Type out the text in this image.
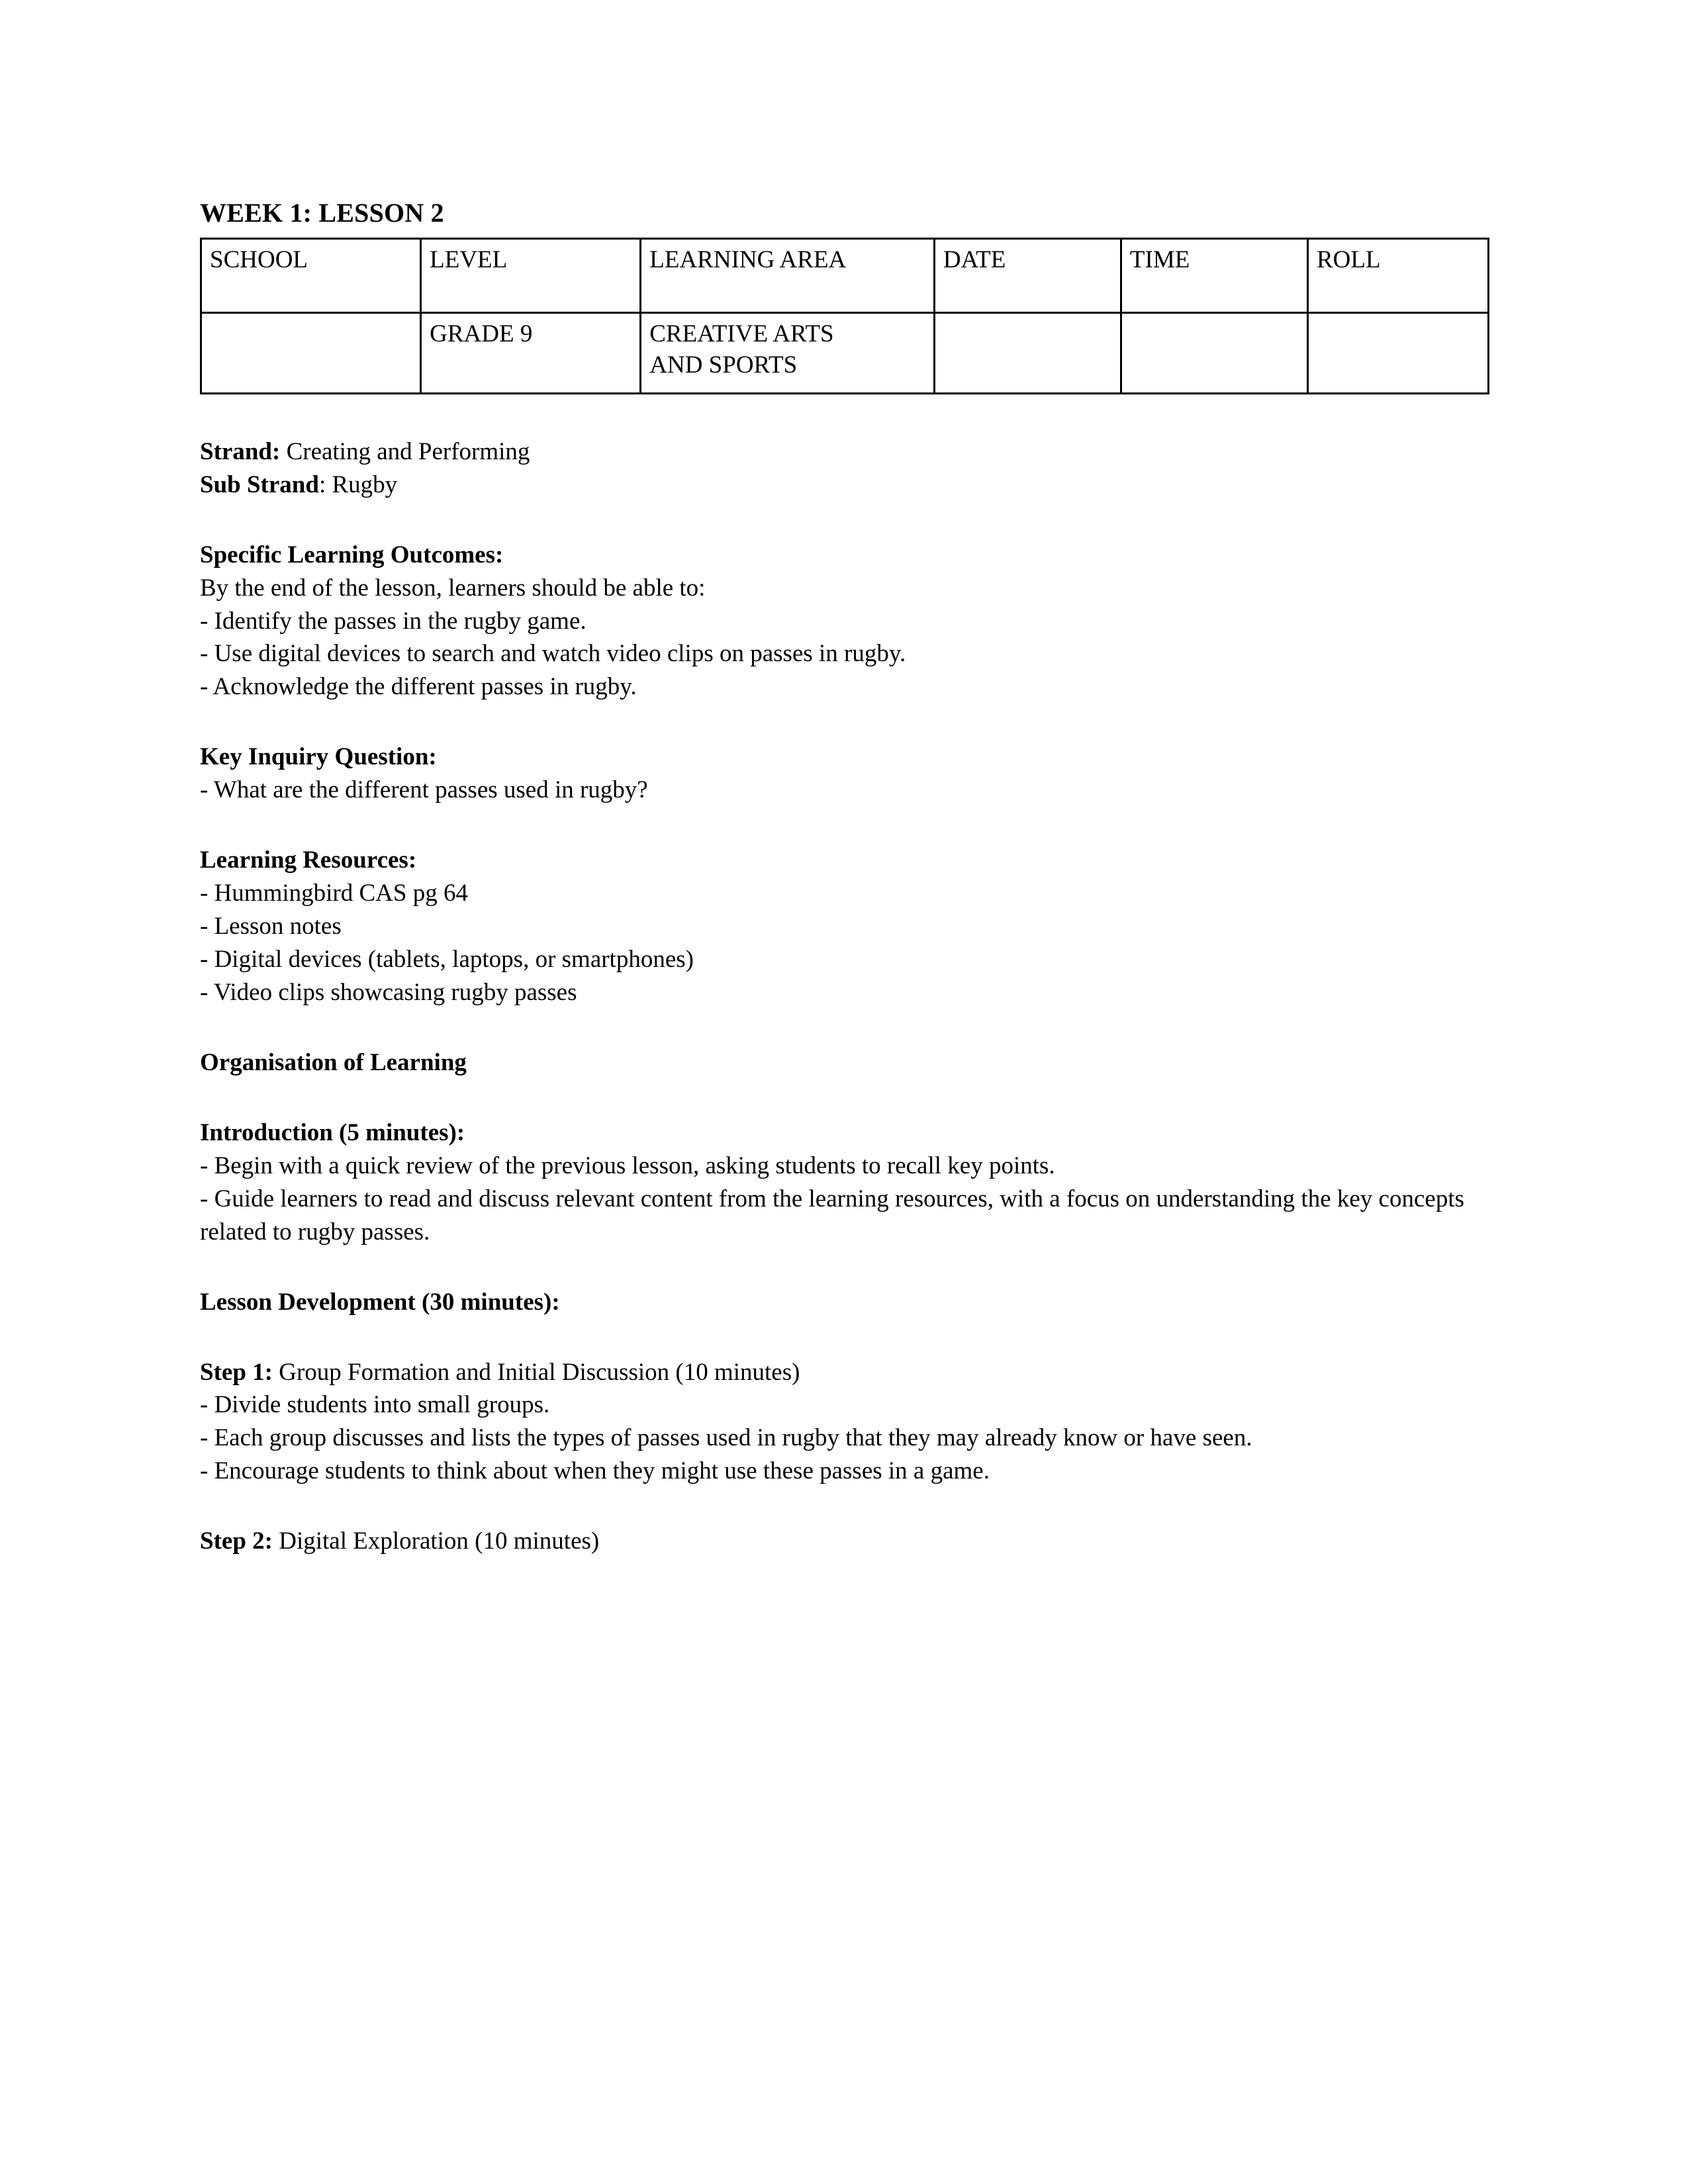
WEEK 1: LESSON 2
SCHOOL	LEVEL	LEARNING AREA	DATE	TIME	ROLL
	GRADE 9	CREATIVE ARTS
AND SPORTS			

Strand: Creating and Performing

Sub Strand: Rugby

Specific Learning Outcomes:

By the end of the lesson, learners should be able to:

- Identify the passes in the rugby game.

- Use digital devices to search and watch video clips on passes in rugby.

- Acknowledge the different passes in rugby.

Key Inquiry Question:

- What are the different passes used in rugby?

Learning Resources:

- Hummingbird CAS pg 64

- Lesson notes

- Digital devices (tablets, laptops, or smartphones)

- Video clips showcasing rugby passes

Organisation of Learning

Introduction (5 minutes):

- Begin with a quick review of the previous lesson, asking students to recall key points.

- Guide learners to read and discuss relevant content from the learning resources, with a focus on understanding the key concepts related to rugby passes.

Lesson Development (30 minutes):

Step 1: Group Formation and Initial Discussion (10 minutes)

- Divide students into small groups.

- Each group discusses and lists the types of passes used in rugby that they may already know or have seen.

- Encourage students to think about when they might use these passes in a game.

Step 2: Digital Exploration (10 minutes)
